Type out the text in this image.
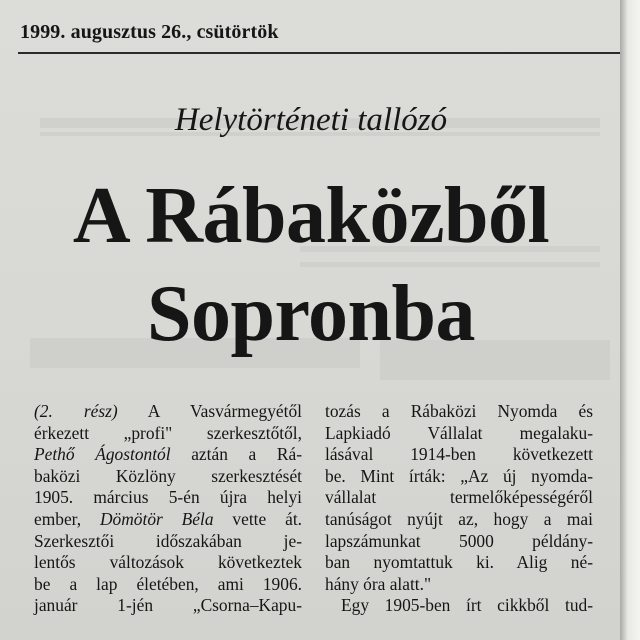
1999. augusztus 26., csütörtök
Helytörténeti tallózó
A Rábaközből
Sopronba
(2. rész) A Vasvármegyétől
érkezett „profi" szerkesztőtől,
Pethő Ágostontól aztán a Rá-
baközi Közlöny szerkesztését
1905. március 5-én újra helyi
ember, Dömötör Béla vette át.
Szerkesztői időszakában je-
lentős változások következtek
be a lap életében, ami 1906.
január 1-jén „Csorna–Kapu-
tozás a Rábaközi Nyomda és
Lapkiadó Vállalat megalaku-
lásával 1914-ben következett
be. Mint írták: „Az új nyomda-
vállalat termelőképességéről
tanúságot nyújt az, hogy a mai
lapszámunkat 5000 példány-
ban nyomtattuk ki. Alig né-
hány óra alatt."
Egy 1905-ben írt cikkből tud-
